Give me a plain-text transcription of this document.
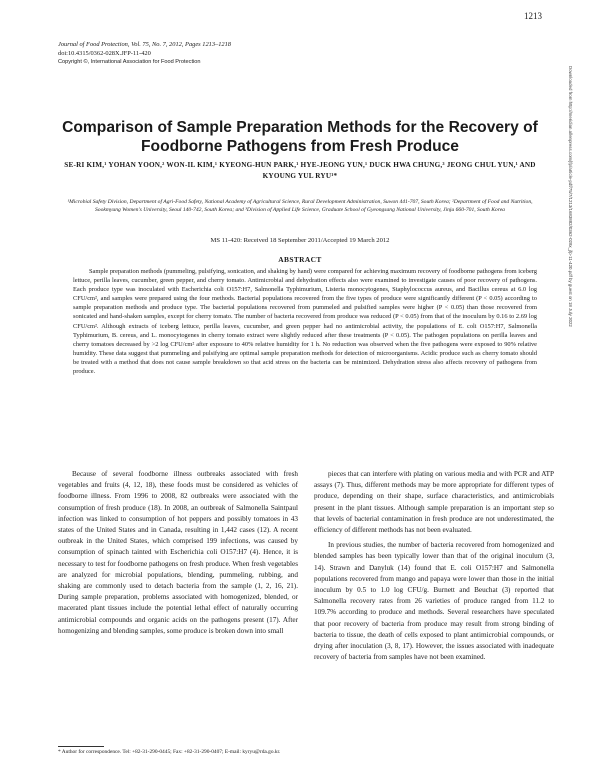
1213
Journal of Food Protection, Vol. 75, No. 7, 2012, Pages 1213–1218
doi:10.4315/0362-028X.JFP-11-420
Copyright ©, International Association for Food Protection
Comparison of Sample Preparation Methods for the Recovery of Foodborne Pathogens from Fresh Produce
SE-RI KIM,¹ YOHAN YOON,² WON-IL KIM,¹ KYEONG-HUN PARK,¹ HYE-JEONG YUN,¹ DUCK HWA CHUNG,³ JEONG CHUL YUN,¹ AND KYOUNG YUL RYU¹*
¹Microbial Safety Division, Department of Agri-Food Safety, National Academy of Agricultural Science, Rural Development Administration, Suwon 441-707, South Korea; ²Department of Food and Nutrition, Sookmyung Women's University, Seoul 140-742, South Korea; and ³Division of Applied Life Science, Graduate School of Gyeongsang National University, Jinju 660-701, South Korea
MS 11-420: Received 18 September 2011/Accepted 19 March 2012
ABSTRACT
Sample preparation methods (pummeling, pulsifying, sonication, and shaking by hand) were compared for achieving maximum recovery of foodborne pathogens from iceberg lettuce, perilla leaves, cucumber, green pepper, and cherry tomato. Antimicrobial and dehydration effects also were examined to investigate causes of poor recovery of pathogens. Each produce type was inoculated with Escherichia coli O157:H7, Salmonella Typhimurium, Listeria monocytogenes, Staphylococcus aureus, and Bacillus cereus at 6.0 log CFU/cm², and samples were prepared using the four methods. Bacterial populations recovered from the five types of produce were significantly different (P < 0.05) according to sample preparation methods and produce type. The bacterial populations recovered from pummeled and pulsified samples were higher (P < 0.05) than those recovered from sonicated and hand-shaken samples, except for cherry tomato. The number of bacteria recovered from produce was reduced (P < 0.05) from that of the inoculum by 0.16 to 2.69 log CFU/cm². Although extracts of iceberg lettuce, perilla leaves, cucumber, and green pepper had no antimicrobial activity, the populations of E. coli O157:H7, Salmonella Typhimurium, B. cereus, and L. monocytogenes in cherry tomato extract were slightly reduced after these treatments (P < 0.05). The pathogen populations on perilla leaves and cherry tomatoes decreased by >2 log CFU/cm² after exposure to 40% relative humidity for 1 h. No reduction was observed when the five pathogens were exposed to 90% relative humidity. These data suggest that pummeling and pulsifying are optimal sample preparation methods for detection of microorganisms. Acidic produce such as cherry tomato should be treated with a method that does not cause sample breakdown so that acid stress on the bacteria can be minimized. Dehydration stress also affects recovery of pathogens from produce.
Downloaded from http://meridian.allenpress.com/jfp/article-pdf/75/7/1213/1683882/0362-028x_jfp-11-420.pdf by guest on 18 July 2022

Because of several foodborne illness outbreaks associated with fresh vegetables and fruits (4, 12, 18), these foods must be considered as vehicles of foodborne illness. From 1996 to 2008, 82 outbreaks were associated with the consumption of fresh produce (18). In 2008, an outbreak of Salmonella Saintpaul infection was linked to consumption of hot peppers and possibly tomatoes in 43 states of the United States and in Canada, resulting in 1,442 cases (12). A recent outbreak in the United States, which comprised 199 infections, was caused by consumption of spinach tainted with Escherichia coli O157:H7 (4). Hence, it is necessary to test for foodborne pathogens on fresh produce. When fresh vegetables are analyzed for microbial populations, blending, pummeling, rubbing, and shaking are commonly used to detach bacteria from the sample (1, 2, 16, 21). During sample preparation, problems associated with homogenized, blended, or macerated plant tissues include the potential lethal effect of naturally occurring antimicrobial compounds and organic acids on the pathogens present (17). After homogenizing and blending samples, some produce is broken down into small

pieces that can interfere with plating on various media and with PCR and ATP assays (7). Thus, different methods may be more appropriate for different types of produce, depending on their shape, surface characteristics, and antimicrobials present in the plant tissues. Although sample preparation is an important step so that levels of bacterial contamination in fresh produce are not underestimated, the efficiency of different methods has not been evaluated.

In previous studies, the number of bacteria recovered from homogenized and blended samples has been typically lower than that of the original inoculum (3, 14). Strawn and Danyluk (14) found that E. coli O157:H7 and Salmonella populations recovered from mango and papaya were lower than those in the initial inoculum by 0.5 to 1.0 log CFU/g. Burnett and Beuchat (3) reported that Salmonella recovery rates from 26 varieties of produce ranged from 11.2 to 109.7% according to produce and methods. Several researchers have speculated that poor recovery of bacteria from produce may result from strong binding of bacteria to tissue, the death of cells exposed to plant antimicrobial compounds, or drying after inoculation (3, 8, 17). However, the issues associated with inadequate recovery of bacteria from samples have not been examined.

* Author for correspondence. Tel: +82-31-290-0445; Fax: +82-31-290-0407; E-mail: kyryu@rda.go.kr.
